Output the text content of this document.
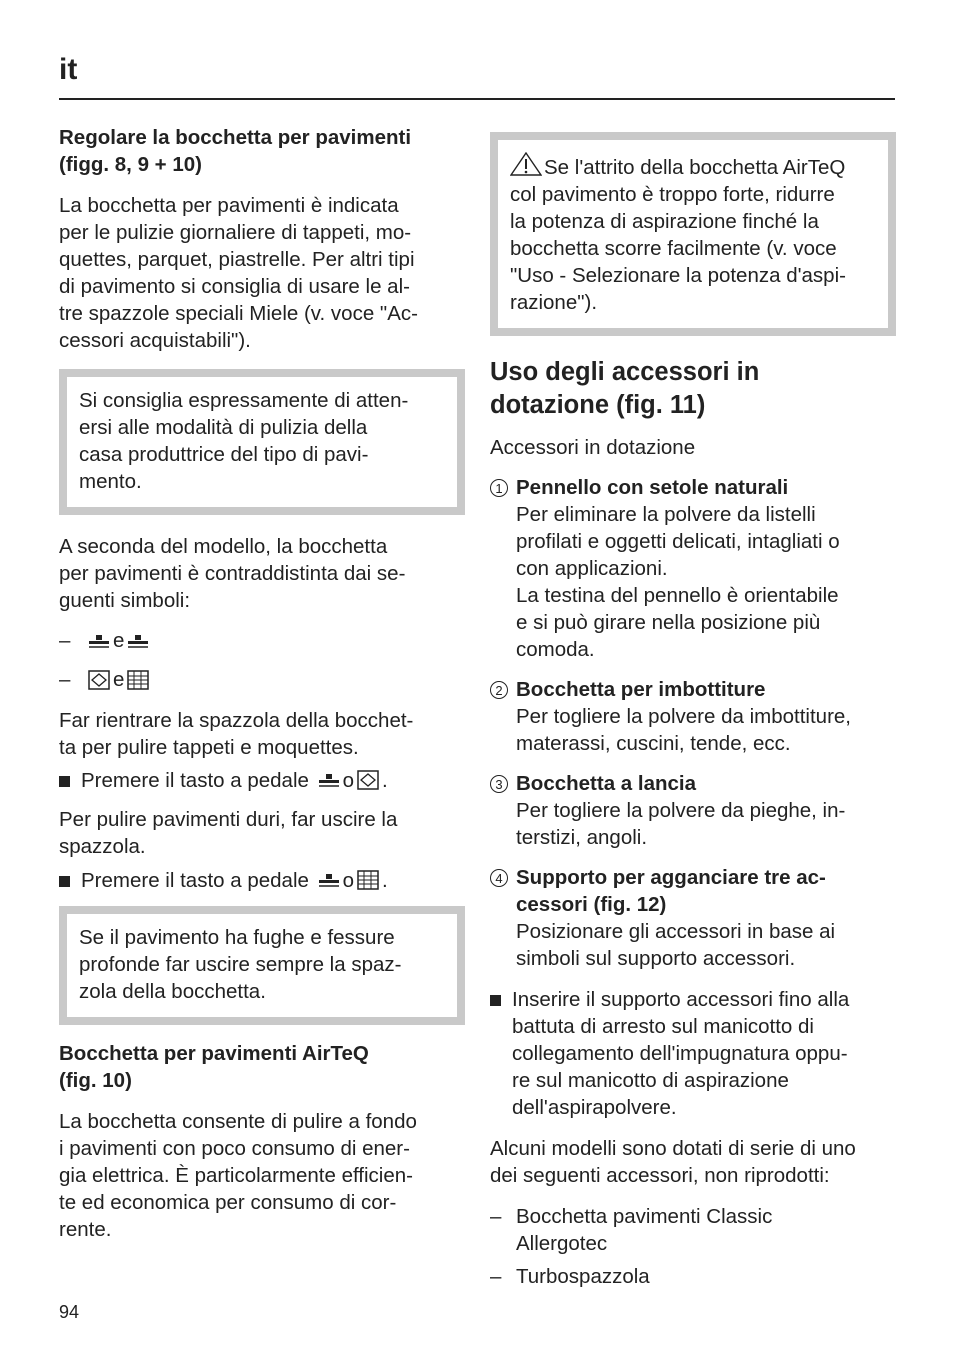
it
Regolare la bocchetta per pavimenti
(figg. 8, 9 + 10)
La bocchetta per pavimenti è indicata
per le pulizie giornaliere di tappeti, mo-
quettes, parquet, piastrelle. Per altri tipi
di pavimento si consiglia di usare le al-
tre spazzole speciali Miele (v. voce "Ac-
cessori acquistabili").
Si consiglia espressamente di atten-
ersi alle modalità di pulizia della
casa produttrice del tipo di pavi-
mento.
A seconda del modello, la bocchetta
per pavimenti è contraddistinta dai se-
guenti simboli:
–	e
–	e
Far rientrare la spazzola della bocchet-
ta per pulire tappeti e moquettes.
Premere il tasto a pedale o .
Per pulire pavimenti duri, far uscire la
spazzola.
Premere il tasto a pedale o .
Se il pavimento ha fughe e fessure
profonde far uscire sempre la spaz-
zola della bocchetta.
Bocchetta per pavimenti AirTeQ
(fig. 10)
La bocchetta consente di pulire a fondo
i pavimenti con poco consumo di ener-
gia elettrica. È particolarmente efficien-
te ed economica per consumo di cor-
rente.
Se l'attrito della bocchetta AirTeQ
col pavimento è troppo forte, ridurre
la potenza di aspirazione finché la
bocchetta scorre facilmente (v. voce
"Uso - Selezionare la potenza d'aspi-
razione").
Uso degli accessori in
dotazione (fig. 11)
Accessori in dotazione
1 Pennello con setole naturali
Per eliminare la polvere da listelli
profilati e oggetti delicati, intagliati o
con applicazioni.
La testina del pennello è orientabile
e si può girare nella posizione più
comoda.
2 Bocchetta per imbottiture
Per togliere la polvere da imbottiture,
materassi, cuscini, tende, ecc.
3 Bocchetta a lancia
Per togliere la polvere da pieghe, in-
terstizi, angoli.
4 Supporto per agganciare tre ac-
cessori (fig. 12)
Posizionare gli accessori in base ai
simboli sul supporto accessori.
Inserire il supporto accessori fino alla
battuta di arresto sul manicotto di
collegamento dell'impugnatura oppu-
re sul manicotto di aspirazione
dell'aspirapolvere.
Alcuni modelli sono dotati di serie di uno
dei seguenti accessori, non riprodotti:
– Bocchetta pavimenti Classic
Allergotec
– Turbospazzola
94
